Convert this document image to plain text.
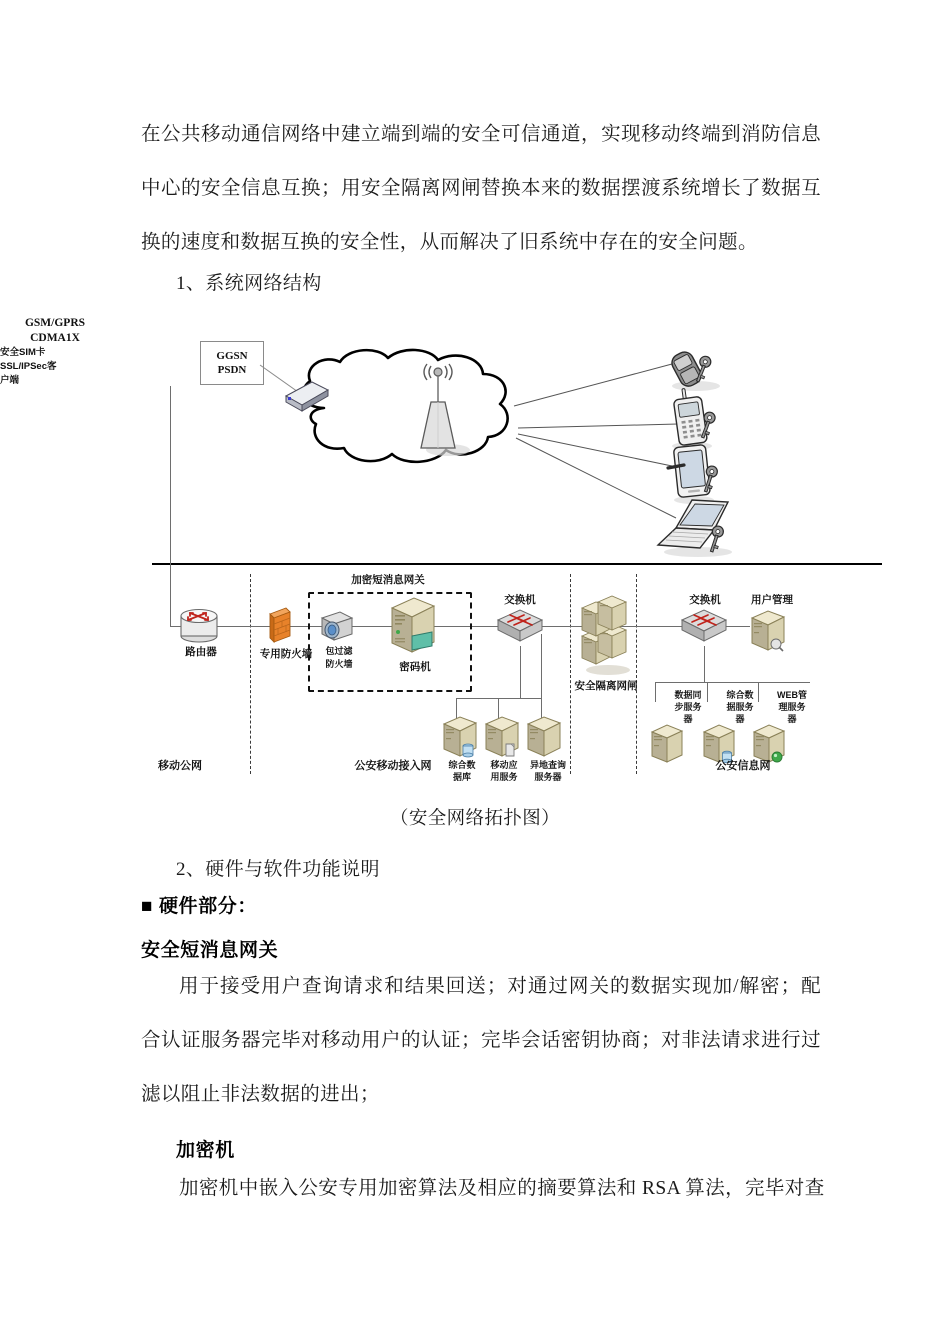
在公共移动通信网络中建立端到端的安全可信通道，实现移动终端到消防信息中心的安全信息互换；用安全隔离网闸替换本来的数据摆渡系统增长了数据互换的速度和数据互换的安全性，从而解决了旧系统中存在的安全问题。
1、系统网络结构
GGSN
PSDN
GSM/GPRS
CDMA1X
安全SIM卡
SSL/IPSec客
户端
加密短消息网关
路由器	专用防火墙	包过滤
防火墙	密码机
交换机
综合数
据库
移动应
用服务
异地查询
服务器
安全隔离网闸
交换机	用户管理
数据同
步服务
器
综合数
据服务
器
WEB管
理服务
器
移动公网	公安移动接入网	公安信息网
（安全网络拓扑图）
2、硬件与软件功能说明
■ 硬件部分：
安全短消息网关
用于接受用户查询请求和结果回送；对通过网关的数据实现加/解密；配合认证服务器完毕对移动用户的认证；完毕会话密钥协商；对非法请求进行过滤以阻止非法数据的进出；
加密机
加密机中嵌入公安专用加密算法及相应的摘要算法和 RSA 算法，完毕对查
